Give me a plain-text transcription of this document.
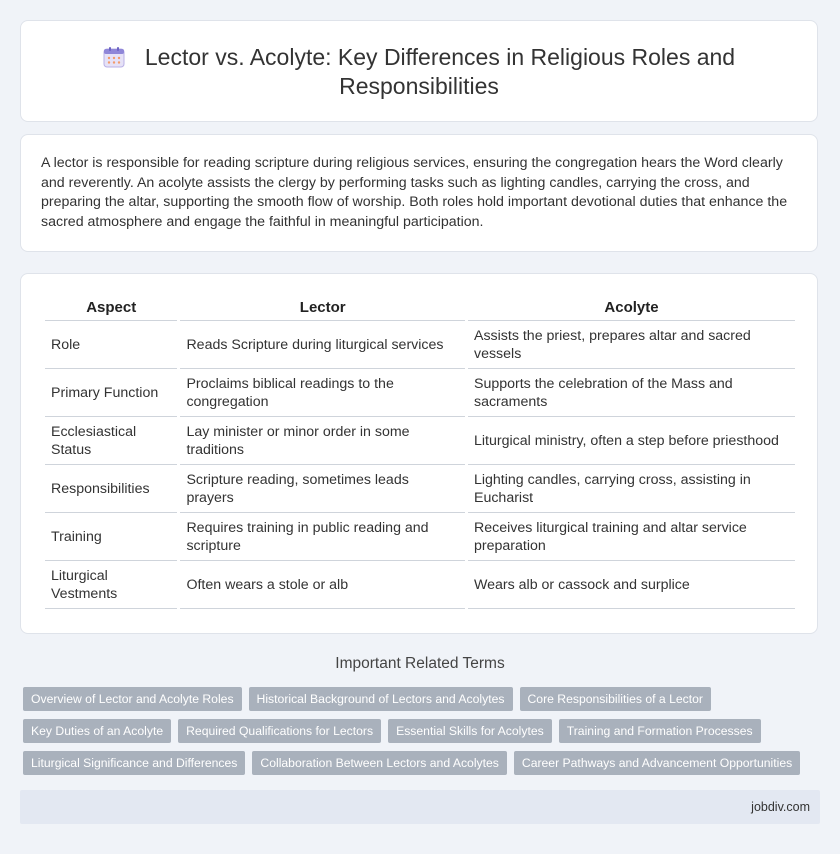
Lector vs. Acolyte: Key Differences in Religious Roles and Responsibilities
A lector is responsible for reading scripture during religious services, ensuring the congregation hears the Word clearly and reverently. An acolyte assists the clergy by performing tasks such as lighting candles, carrying the cross, and preparing the altar, supporting the smooth flow of worship. Both roles hold important devotional duties that enhance the sacred atmosphere and engage the faithful in meaningful participation.
Aspect	Lector	Acolyte
Role	Reads Scripture during liturgical services	Assists the priest, prepares altar and sacred vessels
Primary Function	Proclaims biblical readings to the congregation	Supports the celebration of the Mass and sacraments
Ecclesiastical Status	Lay minister or minor order in some traditions	Liturgical ministry, often a step before priesthood
Responsibilities	Scripture reading, sometimes leads prayers	Lighting candles, carrying cross, assisting in Eucharist
Training	Requires training in public reading and scripture	Receives liturgical training and altar service preparation
Liturgical Vestments	Often wears a stole or alb	Wears alb or cassock and surplice
Important Related Terms
Overview of Lector and Acolyte Roles	Historical Background of Lectors and Acolytes	Core Responsibilities of a Lector
Key Duties of an Acolyte	Required Qualifications for Lectors	Essential Skills for Acolytes	Training and Formation Processes
Liturgical Significance and Differences	Collaboration Between Lectors and Acolytes	Career Pathways and Advancement Opportunities
jobdiv.com
